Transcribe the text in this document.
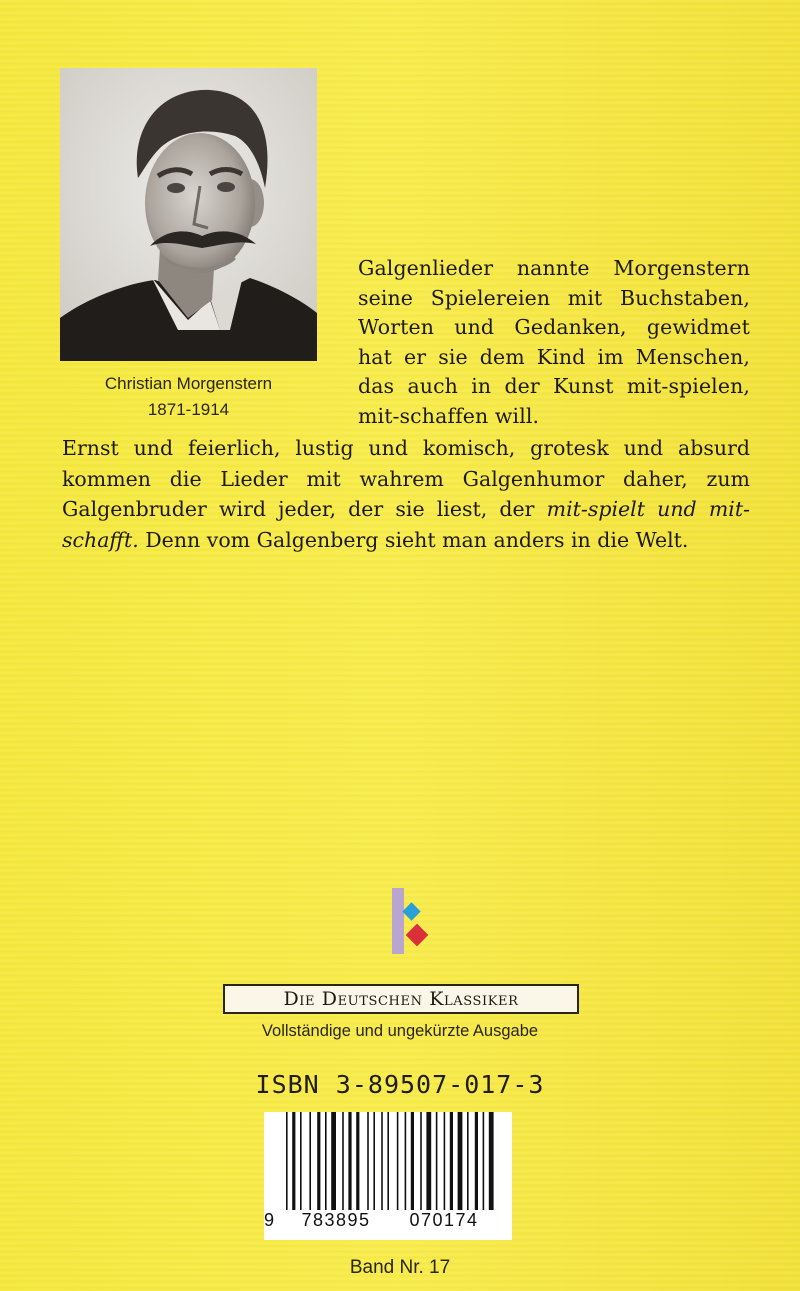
Christian Morgenstern
1871-1914

Galgenlieder nannte Morgenstern
seine Spielereien mit Buchstaben,
Worten und Gedanken, gewidmet
hat er sie dem Kind im Menschen,
das auch in der Kunst mit-spielen,
mit-schaffen will.

Ernst und feierlich, lustig und komisch, grotesk und absurd
kommen die Lieder mit wahrem Galgenhumor daher, zum
Galgenbruder wird jeder, der sie liest, der mit-spielt und mit-
schafft. Denn vom Galgenberg sieht man anders in die Welt.

Die Deutschen Klassiker
Vollständige und ungekürzte Ausgabe
ISBN 3-89507-017-3
9	783895	070174
Band Nr. 17
